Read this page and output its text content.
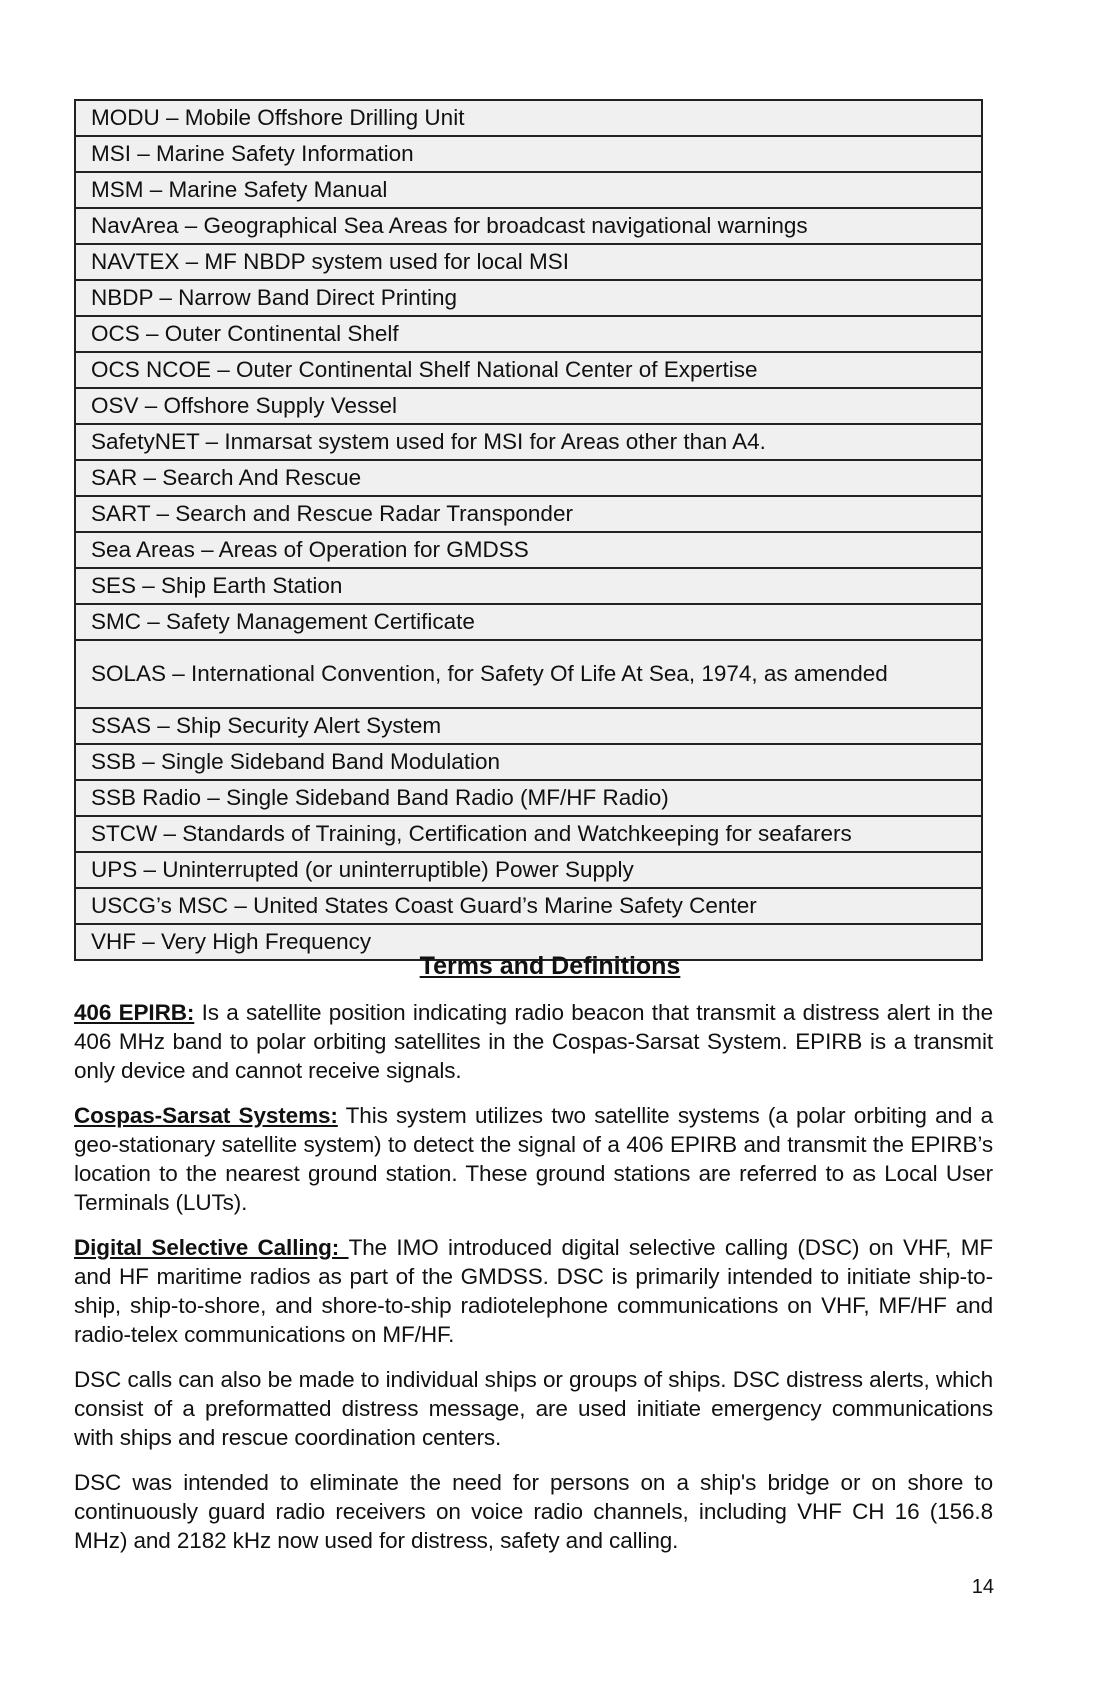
MODU – Mobile Offshore Drilling Unit
MSI – Marine Safety Information
MSM – Marine Safety Manual
NavArea – Geographical Sea Areas for broadcast navigational warnings
NAVTEX – MF NBDP system used for local MSI
NBDP – Narrow Band Direct Printing
OCS – Outer Continental Shelf
OCS NCOE – Outer Continental Shelf National Center of Expertise
OSV – Offshore Supply Vessel
SafetyNET – Inmarsat system used for MSI for Areas other than A4.
SAR – Search And Rescue
SART – Search and Rescue Radar Transponder
Sea Areas – Areas of Operation for GMDSS
SES – Ship Earth Station
SMC – Safety Management Certificate
SOLAS – International Convention, for Safety Of Life At Sea, 1974, as amended
SSAS – Ship Security Alert System
SSB – Single Sideband Band Modulation
SSB Radio – Single Sideband Band Radio (MF/HF Radio)
STCW – Standards of Training, Certification and Watchkeeping for seafarers
UPS – Uninterrupted (or uninterruptible) Power Supply
USCG’s MSC – United States Coast Guard’s Marine Safety Center
VHF – Very High Frequency
Terms and Definitions

406 EPIRB: Is a satellite position indicating radio beacon that transmit a distress alert in the 406 MHz band to polar orbiting satellites in the Cospas-Sarsat System. EPIRB is a transmit only device and cannot receive signals.

Cospas-Sarsat Systems: This system utilizes two satellite systems (a polar orbiting and a geo-stationary satellite system) to detect the signal of a 406 EPIRB and transmit the EPIRB’s location to the nearest ground station. These ground stations are referred to as Local User Terminals (LUTs).

Digital Selective Calling: The IMO introduced digital selective calling (DSC) on VHF, MF and HF maritime radios as part of the GMDSS. DSC is primarily intended to initiate ship-to-ship, ship-to-shore, and shore-to-ship radiotelephone communications on VHF, MF/HF and radio-telex communications on MF/HF.

DSC calls can also be made to individual ships or groups of ships. DSC distress alerts, which consist of a preformatted distress message, are used initiate emergency communications with ships and rescue coordination centers.

DSC was intended to eliminate the need for persons on a ship's bridge or on shore to continuously guard radio receivers on voice radio channels, including VHF CH 16 (156.8 MHz) and 2182 kHz now used for distress, safety and calling.

14
